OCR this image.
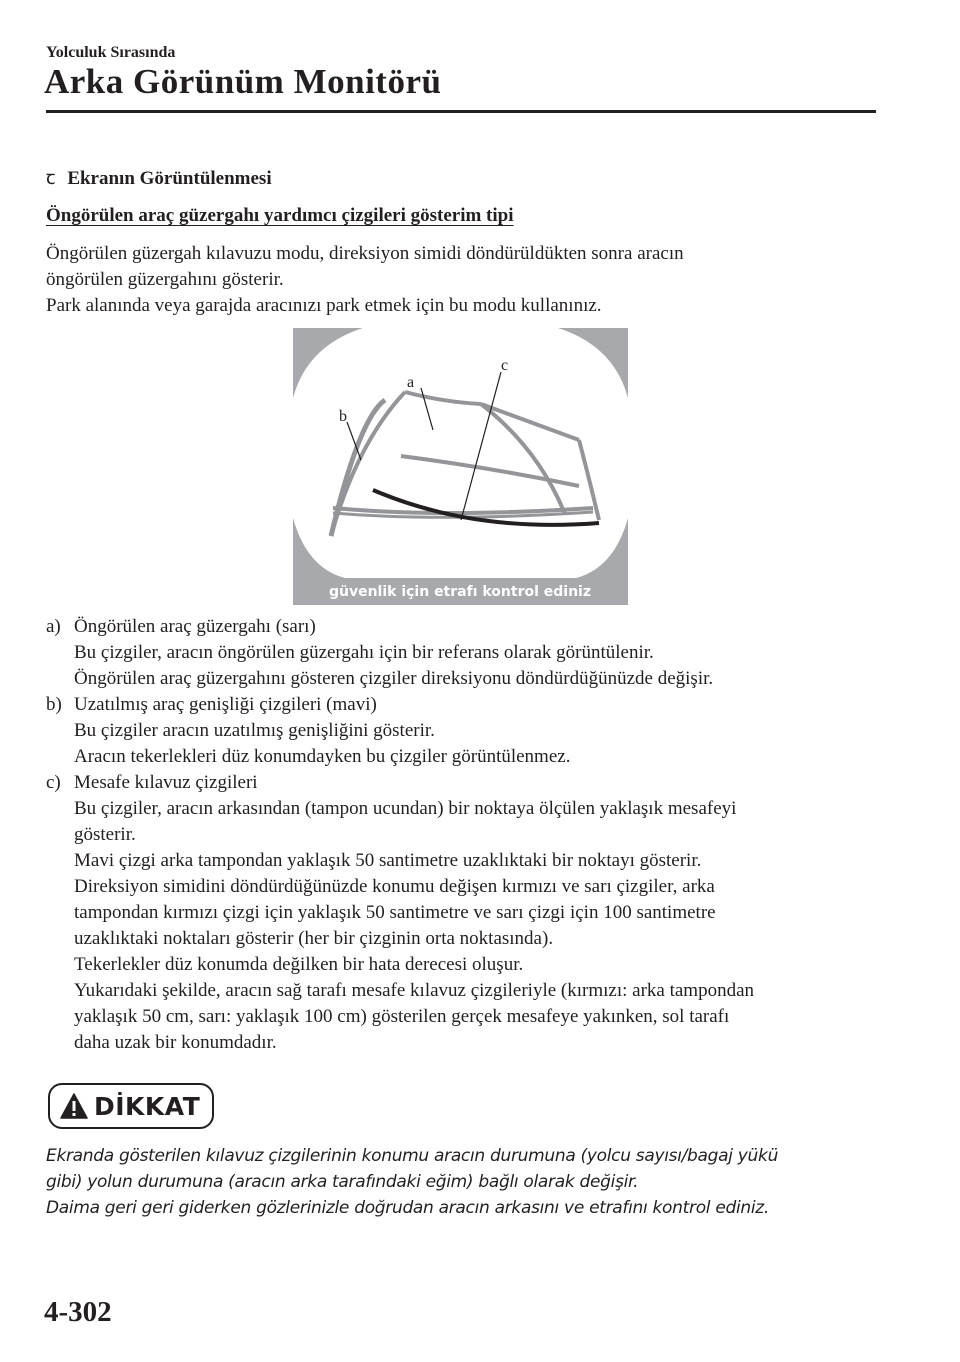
Yolculuk Sırasında
Arka Görünüm Monitörü
ꞇ Ekranın Görüntülenmesi
Öngörülen araç güzergahı yardımcı çizgileri gösterim tipi
Öngörülen güzergah kılavuzu modu, direksiyon simidi döndürüldükten sonra aracın
öngörülen güzergahını gösterir.
Park alanında veya garajda aracınızı park etmek için bu modu kullanınız.
a
c
b
güvenlik için etrafı kontrol ediniz
a) Öngörülen araç güzergahı (sarı)
Bu çizgiler, aracın öngörülen güzergahı için bir referans olarak görüntülenir.
Öngörülen araç güzergahını gösteren çizgiler direksiyonu döndürdüğünüzde değişir.
b) Uzatılmış araç genişliği çizgileri (mavi)
Bu çizgiler aracın uzatılmış genişliğini gösterir.
Aracın tekerlekleri düz konumdayken bu çizgiler görüntülenmez.
c) Mesafe kılavuz çizgileri
Bu çizgiler, aracın arkasından (tampon ucundan) bir noktaya ölçülen yaklaşık mesafeyi
gösterir.
Mavi çizgi arka tampondan yaklaşık 50 santimetre uzaklıktaki bir noktayı gösterir.
Direksiyon simidini döndürdüğünüzde konumu değişen kırmızı ve sarı çizgiler, arka
tampondan kırmızı çizgi için yaklaşık 50 santimetre ve sarı çizgi için 100 santimetre
uzaklıktaki noktaları gösterir (her bir çizginin orta noktasında).
Tekerlekler düz konumda değilken bir hata derecesi oluşur.
Yukarıdaki şekilde, aracın sağ tarafı mesafe kılavuz çizgileriyle (kırmızı: arka tampondan
yaklaşık 50 cm, sarı: yaklaşık 100 cm) gösterilen gerçek mesafeye yakınken, sol tarafı
daha uzak bir konumdadır.
DİKKAT
Ekranda gösterilen kılavuz çizgilerinin konumu aracın durumuna (yolcu sayısı/bagaj yükü
gibi) yolun durumuna (aracın arka tarafındaki eğim) bağlı olarak değişir.
Daima geri geri giderken gözlerinizle doğrudan aracın arkasını ve etrafını kontrol ediniz.
4-302
